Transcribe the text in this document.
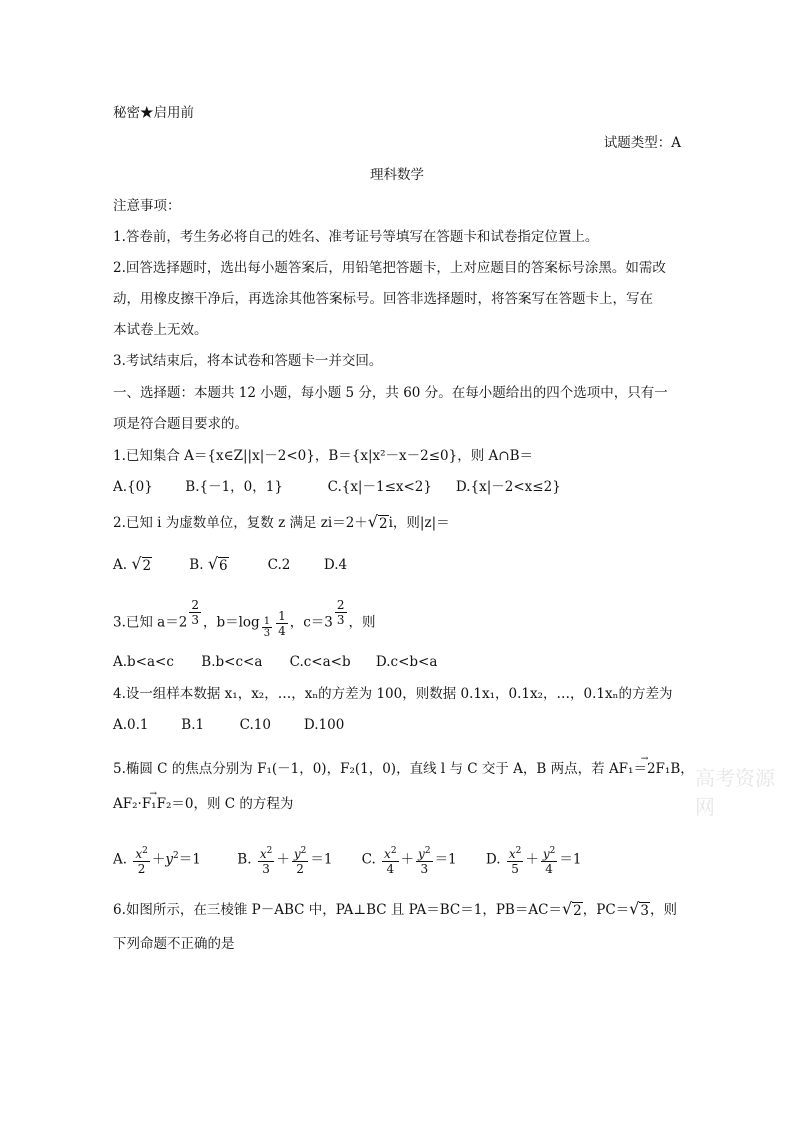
秘密★启用前
试题类型：A
理科数学
注意事项：
1.答卷前，考生务必将自己的姓名、准考证号等填写在答题卡和试卷指定位置上。
2.回答选择题时，选出每小题答案后，用铅笔把答题卡，上对应题目的答案标号涂黑。如需改
动，用橡皮擦干净后，再选涂其他答案标号。回答非选择题时，将答案写在答题卡上，写在
本试卷上无效。
3.考试结束后，将本试卷和答题卡一并交回。
一、选择题：本题共 12 小题，每小题 5 分，共 60 分。在每小题给出的四个选项中，只有一
项是符合题目要求的。
1.已知集合 A＝{x∈Z||x|－2<0}，B＝{x|x²－x－2≤0}，则 A∩B＝
A.{0} B.{－1，0，1}	C.{x|－1≤x<2} D.{x|－2<x≤2}
2.已知 i 为虚数单位，复数 z 满足 zi＝2＋ √ 2 i，则|z|＝
A. √ 2	B. √ 6	C.2 D.4
3.已知 a＝2 $^{\frac{2}{3}}$ ，b＝log $_{\frac{1}{3}} \frac{1}{4}$ ，c＝3 $^{\frac{2}{3}}$ ，则
A.b<a<c B.b<c<a C.c<a<b D.c<b<a
4.设一组样本数据 x₁，x₂，…，xₙ的方差为 100，则数据 0.1x₁，0.1x₂，…，0.1xₙ的方差为
A.0.1 B.1	C.10 D.100
5.椭圆 C 的焦点分别为 F₁(－1，0)，F₂(1，0)，直线 l 与 C 交于 A，B 两点，若 → AF₁＝2F₁B，
→ AF₂·F₁F₂＝0，则 C 的方程为
A. $\frac{x^2}{2} +y^2=1$	B. $\frac{x^2}{3} + \frac{y^2}{2} =1$ C. $\frac{x^2}{4} + \frac{y^2}{3} =1$ D. $\frac{x^2}{5} + \frac{y^2}{4} =1$
6.如图所示，在三棱锥 P－ABC 中，PA⊥BC 且 PA＝BC＝1，PB＝AC＝ √ 2 ，PC＝ √ 3 ，则
下列命题不正确的是
高考资源网
